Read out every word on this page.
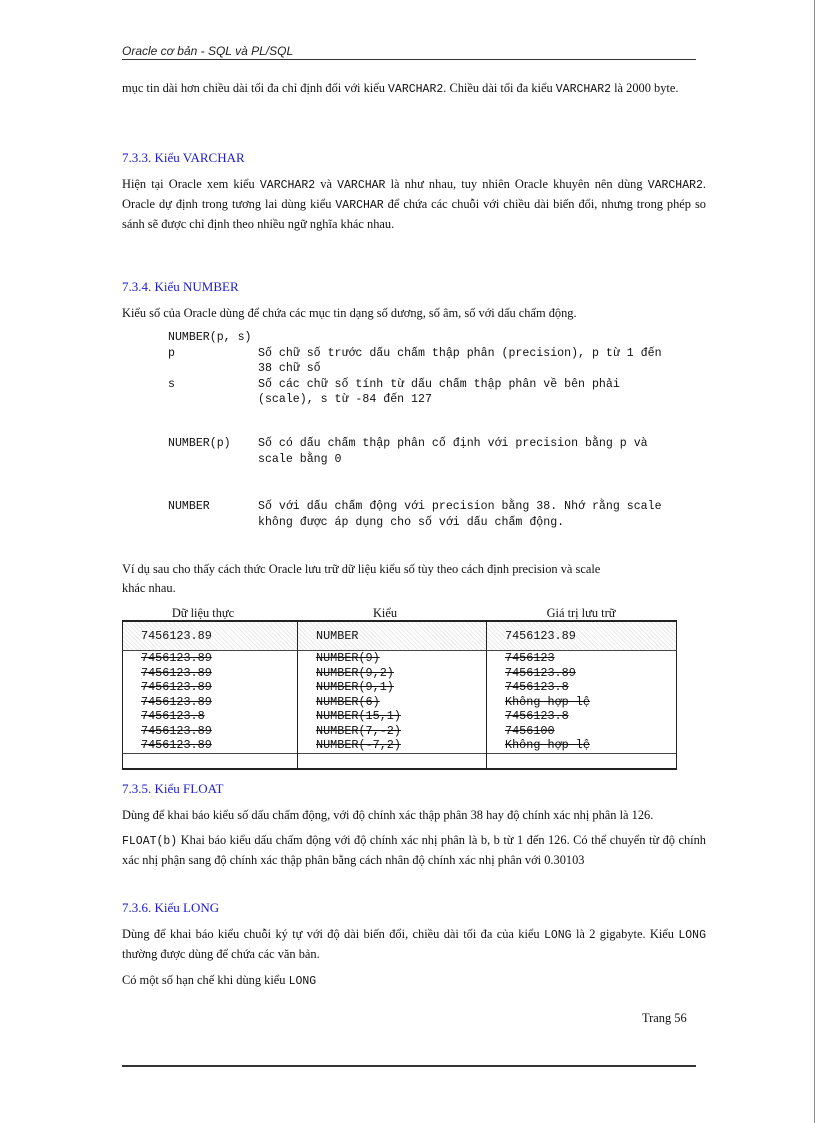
Oracle cơ bản - SQL và PL/SQL
mục tin dài hơn chiều dài tối đa chỉ định đối với kiểu VARCHAR2. Chiều dài tối đa kiểu VARCHAR2 là 2000 byte.
7.3.3. Kiểu VARCHAR
Hiện tại Oracle xem kiểu VARCHAR2 và VARCHAR là như nhau, tuy nhiên Oracle khuyên nên dùng VARCHAR2. Oracle dự định trong tương lai dùng kiểu VARCHAR để chứa các chuỗi với chiều dài biến đổi, nhưng trong phép so sánh sẽ được chỉ định theo nhiều ngữ nghĩa khác nhau.
7.3.4. Kiểu NUMBER
Kiểu số của Oracle dùng để chứa các mục tin dạng số dương, số âm, số với dấu chấm động.
NUMBER(p, s)
p	Số chữ số trước dấu chấm thập phân (precision), p từ 1 đến 38 chữ số
s	Số các chữ số tính từ dấu chấm thập phân về bên phải (scale), s từ -84 đến 127
NUMBER(p)	Số có dấu chấm thập phân cố định với precision bằng p và scale bằng 0
NUMBER	Số với dấu chấm động với precision bằng 38. Nhớ rằng scale không được áp dụng cho số với dấu chấm động.
Ví dụ sau cho thấy cách thức Oracle lưu trữ dữ liệu kiểu số tùy theo cách định precision và scale khác nhau.
Dữ liệu thực	Kiểu	Giá trị lưu trữ
7456123.89	NUMBER	7456123.89
7456123.89	NUMBER(9)	7456123
7456123.89	NUMBER(9,2)	7456123.89
7456123.89	NUMBER(9,1)	7456123.8
7456123.89	NUMBER(6)	Không hợp lệ
7456123.8	NUMBER(15,1)	7456123.8
7456123.89	NUMBER(7,-2)	7456100
7456123.89	NUMBER(-7,2)	Không hợp lệ

7.3.5. Kiểu FLOAT
Dùng để khai báo kiểu số dấu chấm động, với độ chính xác thập phân 38 hay độ chính xác nhị phân là 126.
FLOAT(b) Khai báo kiểu dấu chấm động với độ chính xác nhị phân là b, b từ 1 đến 126. Có thể chuyển từ độ chính xác nhị phận sang độ chính xác thập phân bằng cách nhân độ chính xác nhị phân với 0.30103
7.3.6. Kiểu LONG
Dùng để khai báo kiểu chuỗi ký tự với độ dài biến đổi, chiều dài tối đa của kiểu LONG là 2 gigabyte. Kiểu LONG thường được dùng để chứa các văn bản.
Có một số hạn chế khi dùng kiểu LONG
Trang 56
